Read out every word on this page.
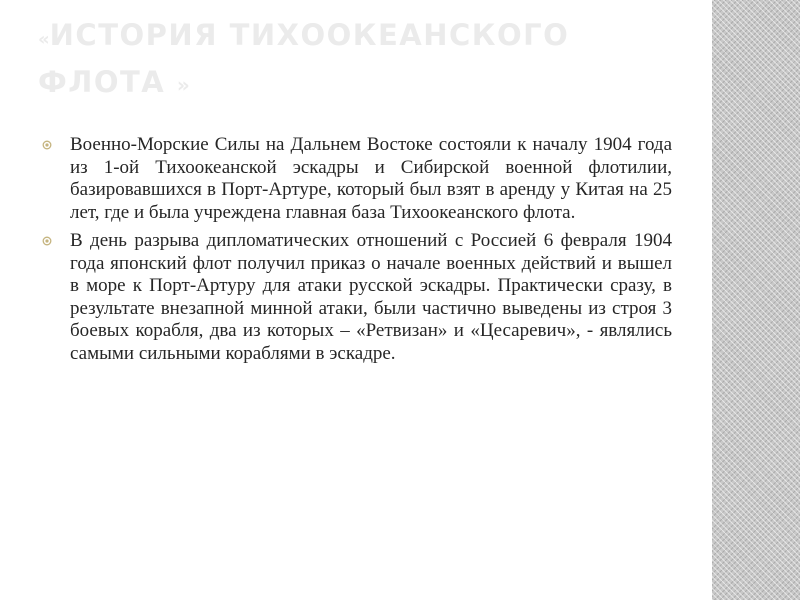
«ИСТОРИЯ ТИХООКЕАНСКОГО ФЛОТА »
Военно-Морские Силы на Дальнем Востоке состояли к началу 1904 года из 1-ой Тихоокеанской эскадры и Сибирской военной флотилии, базировавшихся в Порт-Артуре, который был взят в аренду у Китая на 25 лет, где и была учреждена главная база Тихоокеанского флота.
В день разрыва дипломатических отношений с Россией 6 февраля 1904 года японский флот получил приказ о начале военных действий и вышел в море к Порт-Артуру для атаки русской эскадры. Практически сразу, в результате внезапной минной атаки, были частично выведены из строя 3 боевых корабля, два из которых – «Ретвизан» и «Цесаревич», - являлись самыми сильными кораблями в эскадре.
